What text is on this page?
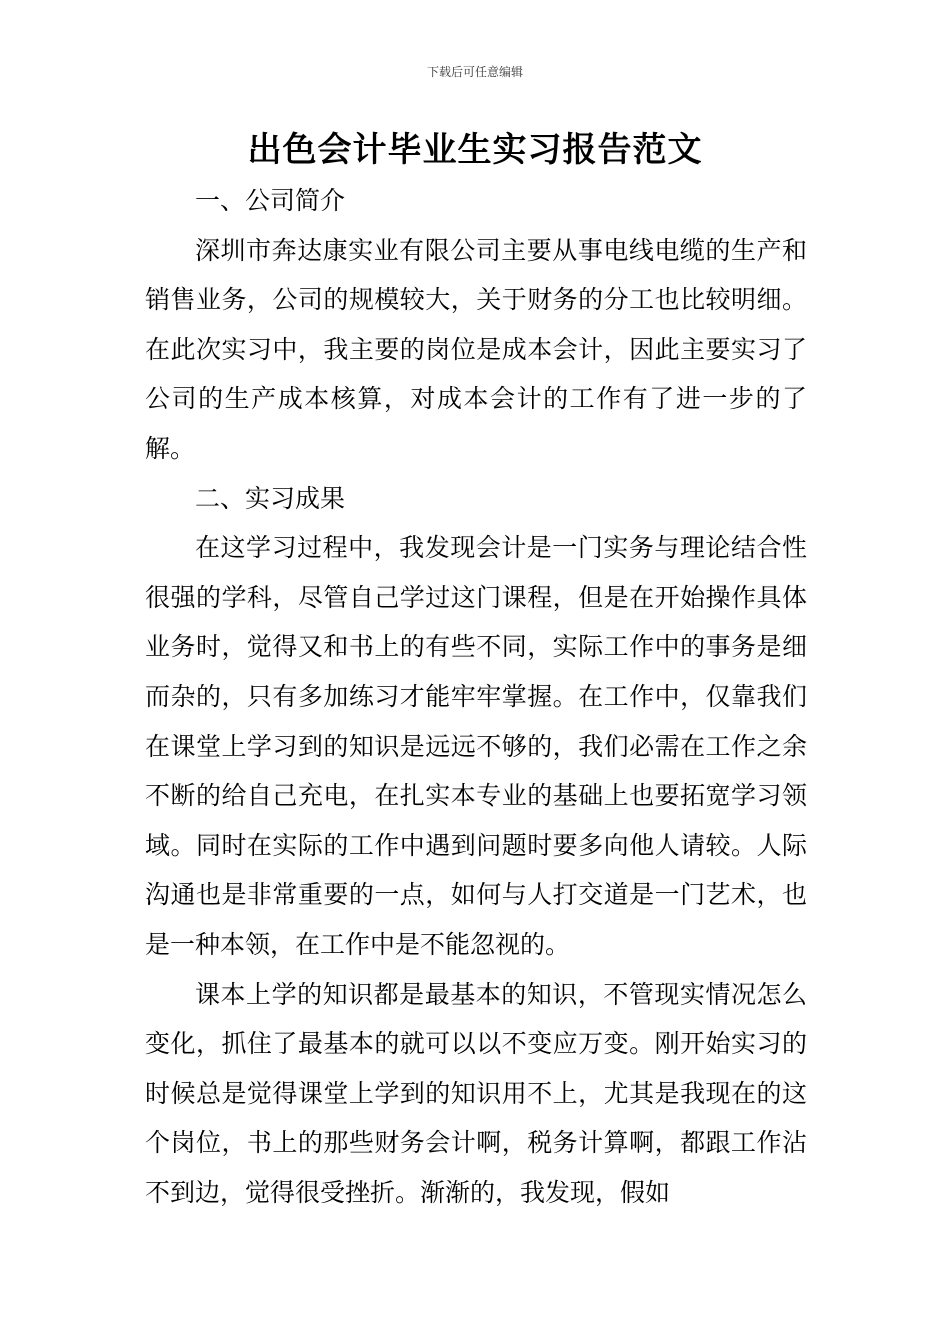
下载后可任意编辑
出色会计毕业生实习报告范文

一、公司简介

深圳市奔达康实业有限公司主要从事电线电缆的生产和销售业务，公司的规模较大，关于财务的分工也比较明细。在此次实习中，我主要的岗位是成本会计，因此主要实习了公司的生产成本核算，对成本会计的工作有了进一步的了解。

二、实习成果

在这学习过程中，我发现会计是一门实务与理论结合性很强的学科，尽管自己学过这门课程，但是在开始操作具体业务时，觉得又和书上的有些不同，实际工作中的事务是细而杂的，只有多加练习才能牢牢掌握。在工作中，仅靠我们在课堂上学习到的知识是远远不够的，我们必需在工作之余不断的给自己充电，在扎实本专业的基础上也要拓宽学习领域。同时在实际的工作中遇到问题时要多向他人请较。人际沟通也是非常重要的一点，如何与人打交道是一门艺术，也是一种本领，在工作中是不能忽视的。

课本上学的知识都是最基本的知识，不管现实情况怎么变化，抓住了最基本的就可以以不变应万变。刚开始实习的时候总是觉得课堂上学到的知识用不上，尤其是我现在的这个岗位，书上的那些财务会计啊，税务计算啊，都跟工作沾不到边，觉得很受挫折。渐渐的，我发现，假如
